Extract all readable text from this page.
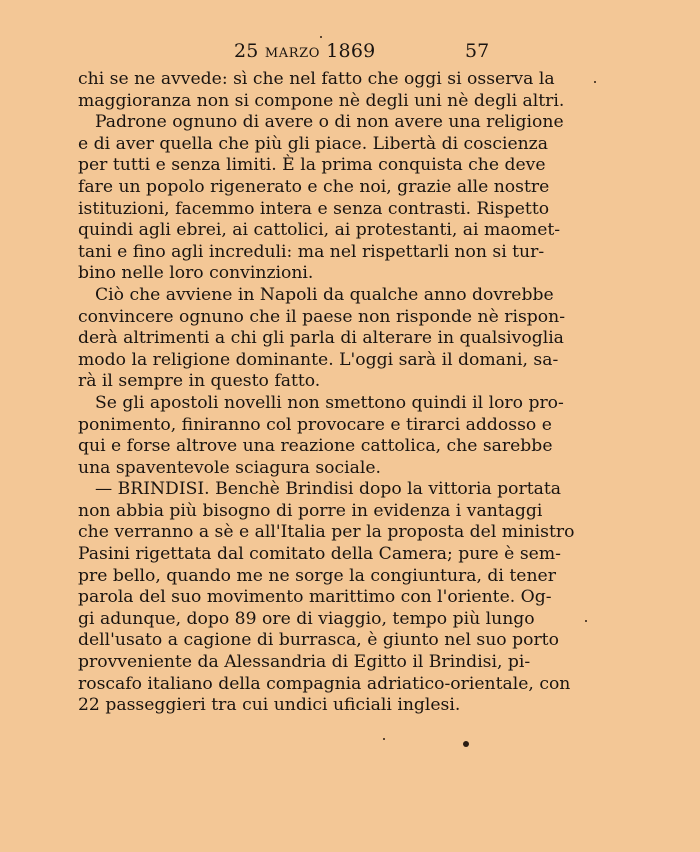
25 MARZO 1869	57
chi se ne avvede: sì che nel fatto che oggi si osserva la
maggioranza non si compone nè degli uni nè degli altri.
Padrone ognuno di avere o di non avere una religione
e di aver quella che più gli piace. Libertà di coscienza
per tutti e senza limiti. È la prima conquista che deve
fare un popolo rigenerato e che noi, grazie alle nostre
istituzioni, facemmo intera e senza contrasti. Rispetto
quindi agli ebrei, ai cattolici, ai protestanti, ai maomet-
tani e fino agli increduli: ma nel rispettarli non si tur-
bino nelle loro convinzioni.
Ciò che avviene in Napoli da qualche anno dovrebbe
convincere ognuno che il paese non risponde nè rispon-
derà altrimenti a chi gli parla di alterare in qualsivoglia
modo la religione dominante. L'oggi sarà il domani, sa-
rà il sempre in questo fatto.
Se gli apostoli novelli non smettono quindi il loro pro-
ponimento, finiranno col provocare e tirarci addosso e
qui e forse altrove una reazione cattolica, che sarebbe
una spaventevole sciagura sociale.
— BRINDISI. Benchè Brindisi dopo la vittoria portata
non abbia più bisogno di porre in evidenza i vantaggi
che verranno a sè e all'Italia per la proposta del ministro
Pasini rigettata dal comitato della Camera; pure è sem-
pre bello, quando me ne sorge la congiuntura, di tener
parola del suo movimento marittimo con l'oriente. Og-
gi adunque, dopo 89 ore di viaggio, tempo più lungo
dell'usato a cagione di burrasca, è giunto nel suo porto
provveniente da Alessandria di Egitto il Brindisi, pi-
roscafo italiano della compagnia adriatico-orientale, con
22 passeggieri tra cui undici uficiali inglesi.
